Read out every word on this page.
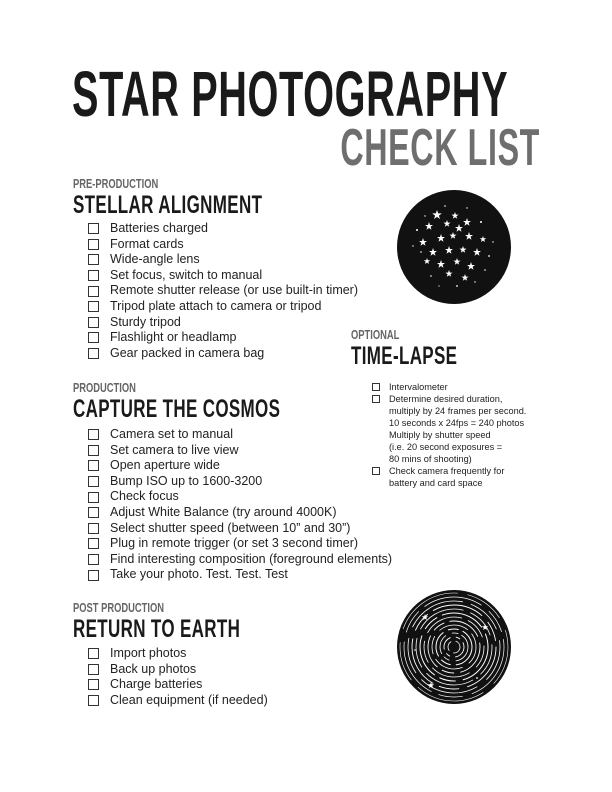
STAR PHOTOGRAPHY
CHECK LIST
PRE-PRODUCTION
STELLAR ALIGNMENT
Batteries charged
Format cards
Wide-angle lens
Set focus, switch to manual
Remote shutter release (or use built-in timer)
Tripod plate attach to camera or tripod
Sturdy tripod
Flashlight or headlamp
Gear packed in camera bag
PRODUCTION
CAPTURE THE COSMOS
Camera set to manual
Set camera to live view
Open aperture wide
Bump ISO up to 1600-3200
Check focus
Adjust White Balance (try around 4000K)
Select shutter speed (between 10” and 30”)
Plug in remote trigger (or set 3 second timer)
Find interesting composition (foreground elements)
Take your photo. Test. Test. Test
OPTIONAL
TIME-LAPSE
Intervalometer
Determine desired duration,
multiply by 24 frames per second.
10 seconds x 24fps = 240 photos
Multiply by shutter speed
(i.e. 20 second exposures =
80 mins of shooting)
Check camera frequently for
battery and card space
POST PRODUCTION
RETURN TO EARTH
Import photos
Back up photos
Charge batteries
Clean equipment (if needed)
